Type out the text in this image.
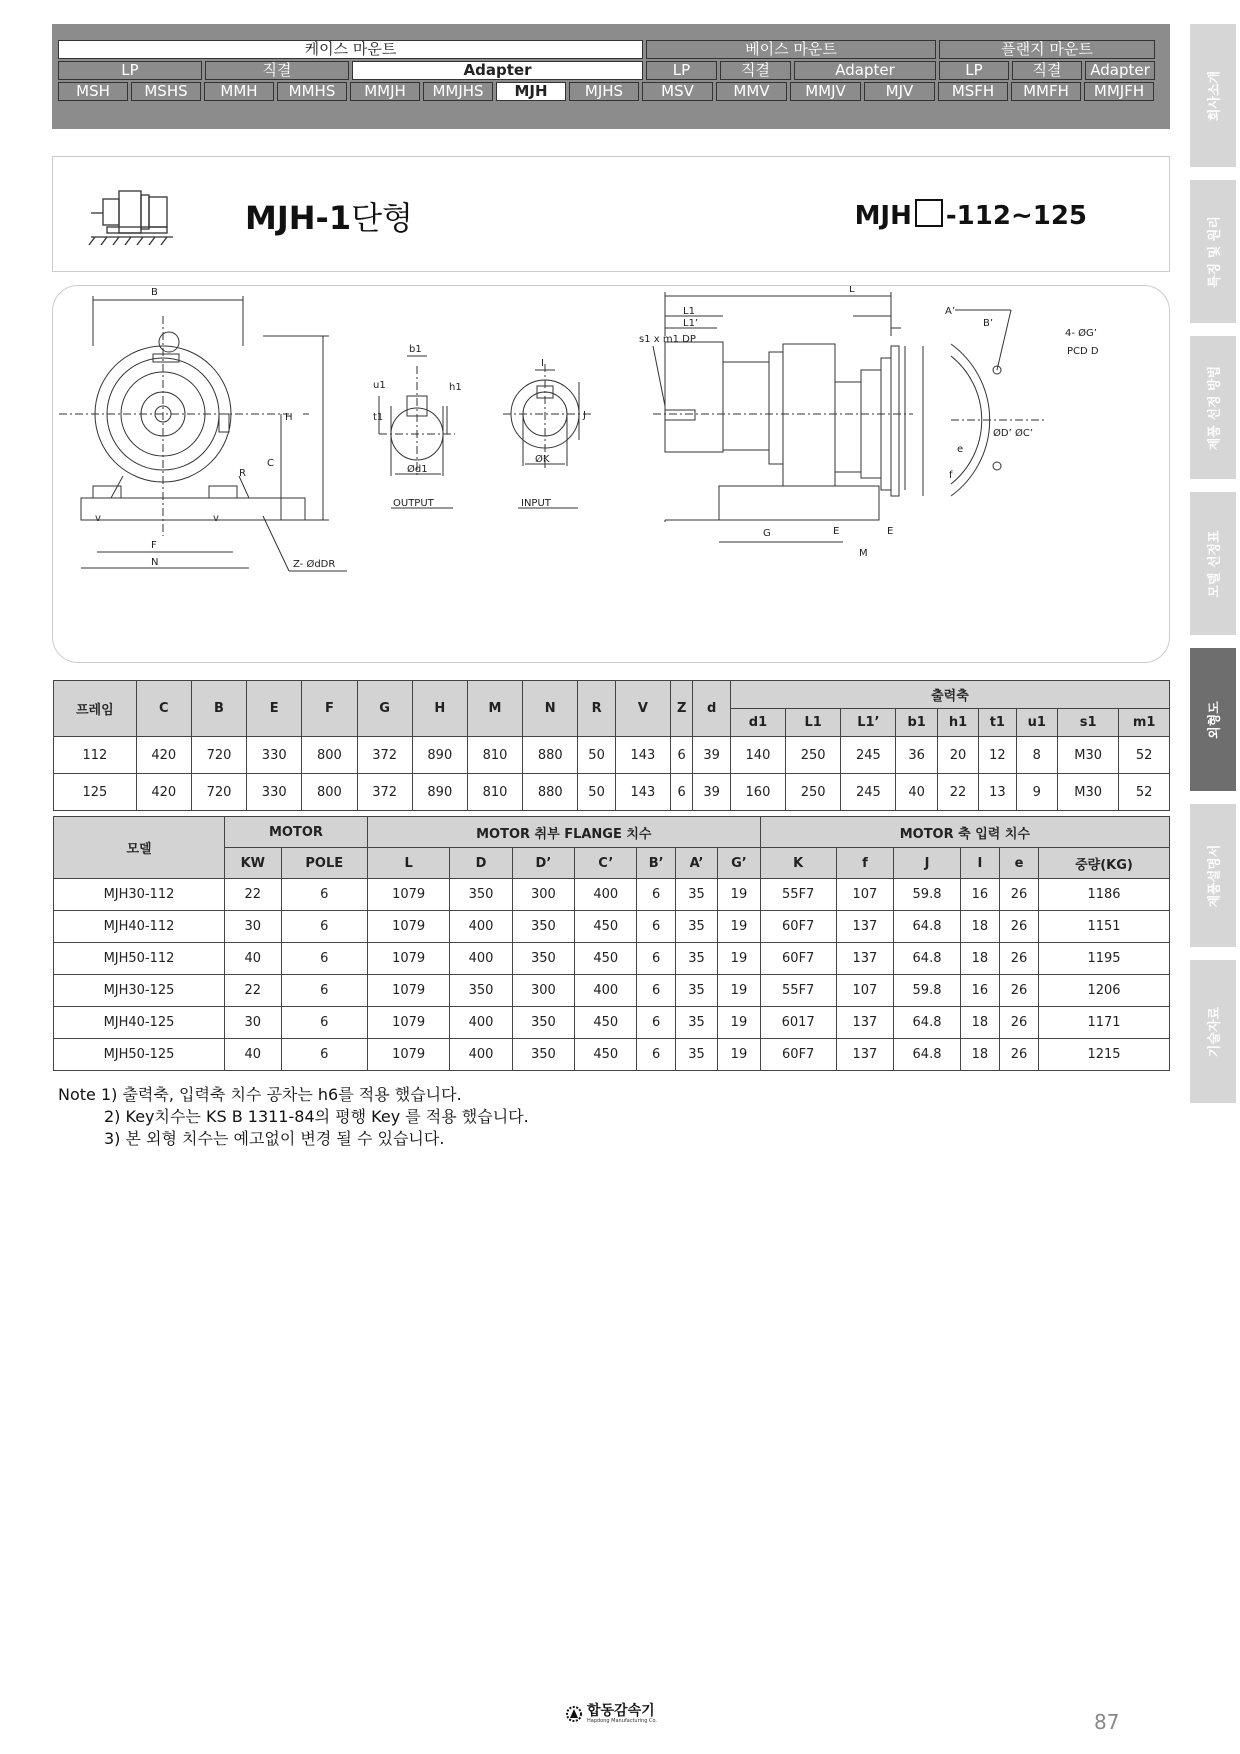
케이스 마운트	베이스 마운트	플랜지 마운트
LP	직결	Adapter	LP	직결	Adapter	LP	직결	Adapter
MSH	MSHS	MMH	MMHS	MMJH	MMJHS	MJH	MJHS	MSV	MMV	MMJV	MJV	MSFH	MMFH	MMJFH
MJH-1단형	MJH -112~125
B
H
C
R
F
N	Z- ØdDR
v	v
b1
u1
t1
h1
Ød1
OUTPUT
I
J
ØK
INPUT
s1 x m1 DP
L
L1
L1’
A’
B’
ØD’ ØC’
e
f
G	E	E
M
4- ØG’
PCD D
프레임	C	B	E	F	G	H	M	N	R	V	Z	d	출력축								
													d1	L1	L1’	b1	h1	t1	u1	s1	m1
112	420	720	330	800	372	890	810	880	50	143	6	39	140	250	245	36	20	12	8	M30	52
125	420	720	330	800	372	890	810	880	50	143	6	39	160	250	245	40	22	13	9	M30	52
모델	MOTOR		MOTOR 취부 FLANGE 치수							MOTOR 축 입력 치수					
	KW	POLE	L	D	D’	C’	B’	A’	G’	K	f	J	I	e	중량(KG)
MJH30-112	22	6	1079	350	300	400	6	35	19	55F7	107	59.8	16	26	1186
MJH40-112	30	6	1079	400	350	450	6	35	19	60F7	137	64.8	18	26	1151
MJH50-112	40	6	1079	400	350	450	6	35	19	60F7	137	64.8	18	26	1195
MJH30-125	22	6	1079	350	300	400	6	35	19	55F7	107	59.8	16	26	1206
MJH40-125	30	6	1079	400	350	450	6	35	19	6017	137	64.8	18	26	1171
MJH50-125	40	6	1079	400	350	450	6	35	19	60F7	137	64.8	18	26	1215
Note 1) 출력축, 입력축 치수 공차는 h6를 적용 했습니다.
2) Key치수는 KS B 1311-84의 평행 Key 를 적용 했습니다.
3) 본 외형 치수는 예고없이 변경 될 수 있습니다.
회사소개
특징 및 원리
제품 선정 방법
모델 선정표
외형도
제품설명서
기술자료
합동감속기
Hapdong Manufacturing Co.	87
